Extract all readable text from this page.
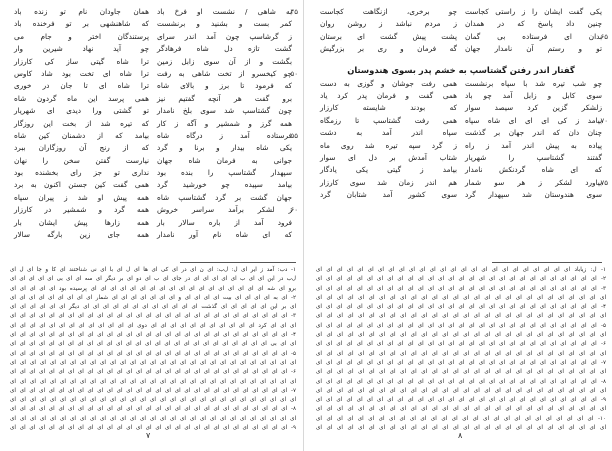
به شاهی / نشست او فرخ باد
همان جاودان نام تو زنده باد	۴۵
کمر بست و بشنید و برنشست
که شاهنشهی بر تو فرخنده باد
ز گرشاسپ چون آمد اندر سرای
پرستندگان اختر و جام می
گشت تازه دل شاه فرهادگر
چو آید نهاد شیرین وار
بگشت و از آن سوی زابل زمین
ترا شاه گیتی ساز کی کارزار
چو کیخسرو از تخت شاهی به رفت
ترا شاه ای تخت بود شاد کاوس	۵۰
که فرمود تا برز و بالای شاه
ترا شاه ای تا جان در خوری
برو گفت هر آنچه گفتیم نیز
همی پرسد این ماه گردون شاه
چون گشتاسپ شد سوی بلخ نامدار
تو گشتی ورا دیدی ای شهریار
همه گرز و شمشیر و آگه ز کار
که تیره شد از بخت این روزگار
فرستاده آمد ز درگاه شاه
بیامد که از دشمنان کین شاه	۵۵
یکی شاه بیدار و برنا و گرد
که از رنج آن روزگاران ببرد
جوانی به فرمان شاه جهان
نیارست گفتن سخن را نهان
سپهدار گشتاسپ را بنده بود
نداری تو جز رای بخشنده بود
بیامد سپیده چو خورشید گرد
همی گفت کین جستن اکنون به برد
جهان گشت بر گرد گشتاسپ شاه
همه پیش او شد ز پیران سپاه
ز لشکر برآمد سراسر خروش
همه گرد و شمشیر در کارزار	۶۰
فرود آمد از باره سالار بار
همه زارها پیش ایشان بار
که ای شاه نام آور نامدار
همه جای زین بارگه سالار
۱- دب: آمد ز ایر ای ل: ل‌ب: ای ن ای در ای کی ای ها ای ل ای با ای نی شناختند ای کا و جا ای ل ای
ل‌ب در این ای ای ب ای ای ای ای ای در جای ای ب ای دو ای بر دیگر ای سه ای ای بی ای ای ای ای ای
برو ای شه ای ای ای ای ای ای ای ای ای ای ای ای ای ای ای ای ای ای پرسیده بود ای ای ای ای ای
۲- ای به ای ای ای ای بیت ای ای ای ای و ای ای ای ای ای ای ای شمار ای ای ای ای ای ای ای ای ای
ای بر این ای ای ای ای ای گذشت ای ای ای ای ای ای ای ای ای ای ای ای دیگر ای ای ای ای ای ای
۳- ای ای ای ای ای ای ای ای ای ای ای ای ای ای ای ای ای ای ای ای ای ای ای ای ای ای ای ای ای
ای ای ای کرد ای ای ای ای ای ای ای ای ای ای ای دوی ای ای ای ای ای ای ای ای ای ای ای ای ای
۴- ای ای ای ای ای ای ای ای ای ای ای ای ای ای ای ای ای ای ای ای ای ای ای ای ای ای ای ای ای
ای ای بی ای ای ای ای ای ای ای ای ای ای ای ای ای ای ای ای ای ای ای ای ای ای ای ای ای ای ای
۵- ای ای ای ای ای ای ای ای ای ای ای ای ای ای ای ای ای ای ای ای ای ای ای ای ای ای ای ای ای
ای ای ای ای ای ای ای ای ای ای ای ای ای ای ای ای ای ای ای ای ای ای ای ای ای ای ای ای ای
۶- ای ای ای ای ای ای ای ای ای ای ای ای ای ای ای ای ای ای ای ای ای ای ای ای ای ای ای ای ای
ای ای ای ای ای ای ای ای ای ای ای ای ای ای ای ای ای ای ای ای ای ای ای ای ای ای ای ای ای
۷- ای ای ای ای ای ای ای ای ای ای ای ای ای ای ای ای ای ای ای ای ای ای ای ای ای ای ای ای ای
ای ای ای ای ای ای ای ای ای ای ای ای ای ای ای ای ای ای ای ای ای ای ای ای ای ای ای ای ای
۸- ای ای ای ای ای ای ای ای ای ای ای ای ای ای ای ای ای ای ای ای ای ای ای ای ای ای ای ای ای
ای ای ای ای ای ای ای ای ای ای ای ای ای ای ای ای ای ای ای ای ای ای ای ای ای ای ای ای ای
۹- ای ای ای ای ای ای ای ای ای ای ای ای ای ای ای ای ای ای ای ای ای ای ای ای ای ای ای ای ای
۷
یکی گفت ایشان را ز راستی کجاست
چو برخری، ازنگاهت کجاست
چنین داد پاسخ که در همدان
ز مردم نباشد ز روشن روان
بدان ای فرستاده بی گمان
پشت پیش گشت ای برستان	۶۵
تو و رستم آن نامدار جهان
گه فرمان و ری بر بزرگیش
گفتار اندر رفتن گشتاسپ به خشم پدر بسوی هندوستان
چو شب تیره شد با سپاه برنشست
همی رفت جوشان و گوزی به دست
سوی کابل و زابل آمد چو باد
همی گفت و فرمان پدر کرد یاد
زلشکر گزین کرد سیصد سوار
که بودند شایسته کارزار
بیامد ز کی ای ای ای شاه سپاه
همی رفت گشتاسپ تا رزمگاه	۷۰
چنان دان که اندر جهان بر گذشت
سپاه اندر آمد به دشت
پیاده به پیش اندر آمد ز راه
ز گرد سپه تیره شد روی ماه
گفتند گشتاسپ را شهریار
شتاب آمدش بر دل ای سوار
که ای شاه گردنکش نامدار
بیامد ز گیتی یکی یادگار
بیاورد لشکر ز هر سو شمار
هم اندر زمان شد سوی کارزار	۷۵
سوی هندوستان شد سپهدار گرد
سوی کشور آمد شتابان گرد
۱- ل: زیاباد ای ای ای ای ای ای ای ای ای ای ای ای ای ای ای ای ای ای ای ای ای ای ای ای ای
۲- ای ای ای ای ای ای ای ای ای ای ای ای ای ای ای ای ای ای ای ای ای ای ای ای ای ای ای ای
۳- ای ای ای ای ای ای ای ای ای ای ای ای ای ای ای ای ای ای ای ای ای ای ای ای ای ای ای ای
ای ای ای ای ای ای ای ای ای ای ای ای ای ای ای ای ای ای ای ای ای ای ای ای ای ای ای ای
۴- ای ای ای ای ای ای ای ای ای ای ای ای ای ای ای ای ای ای ای ای ای ای ای ای ای ای ای ای
ای ای ای ای ای ای ای ای ای ای ای ای ای ای ای ای ای ای ای ای ای ای ای ای ای ای ای ای
۵- ای ای ای ای ای ای ای ای ای ای ای ای ای ای ای ای ای ای ای ای ای ای ای ای ای ای ای ای
ای ای ای ای ای ای ای ای ای ای ای ای ای ای ای ای ای ای ای ای ای ای ای ای ای ای ای ای
۶- ای ای ای ای ای ای ای ای ای ای ای ای ای ای ای ای ای ای ای ای ای ای ای ای ای ای ای ای
ای ای ای ای ای ای ای ای ای ای ای ای ای ای ای ای ای ای ای ای ای ای ای ای ای ای ای ای
۷- ای ای ای ای ای ای ای ای ای ای ای ای ای ای ای ای ای ای ای ای ای ای ای ای ای ای ای ای
ای ای ای ای ای ای ای ای ای ای ای ای ای ای ای ای ای ای ای ای ای ای ای ای ای ای ای ای
۸- ای ای ای ای ای ای ای ای ای ای ای ای ای ای ای ای ای ای ای ای ای ای ای ای ای ای ای ای
ای ای ای ای ای ای ای ای ای ای ای ای ای ای ای ای ای ای ای ای ای ای ای ای ای ای ای ای
۹- ای ای ای ای ای ای ای ای ای ای ای ای ای ای ای ای ای ای ای ای ای ای ای ای ای ای ای ای
ای ای ای ای ای ای ای ای ای ای ای ای ای ای ای ای ای ای ای ای ای ای ای ای ای ای ای ای
۱۰- ای ای ای ای ای ای ای ای ای ای ای ای ای ای ای ای ای ای ای ای ای ای ای ای ای ای ای
ای ای ای ای ای ای ای ای ای ای ای ای ای ای ای ای ای ای ای ای ای ای ای ای ای ای ای ای
۸
